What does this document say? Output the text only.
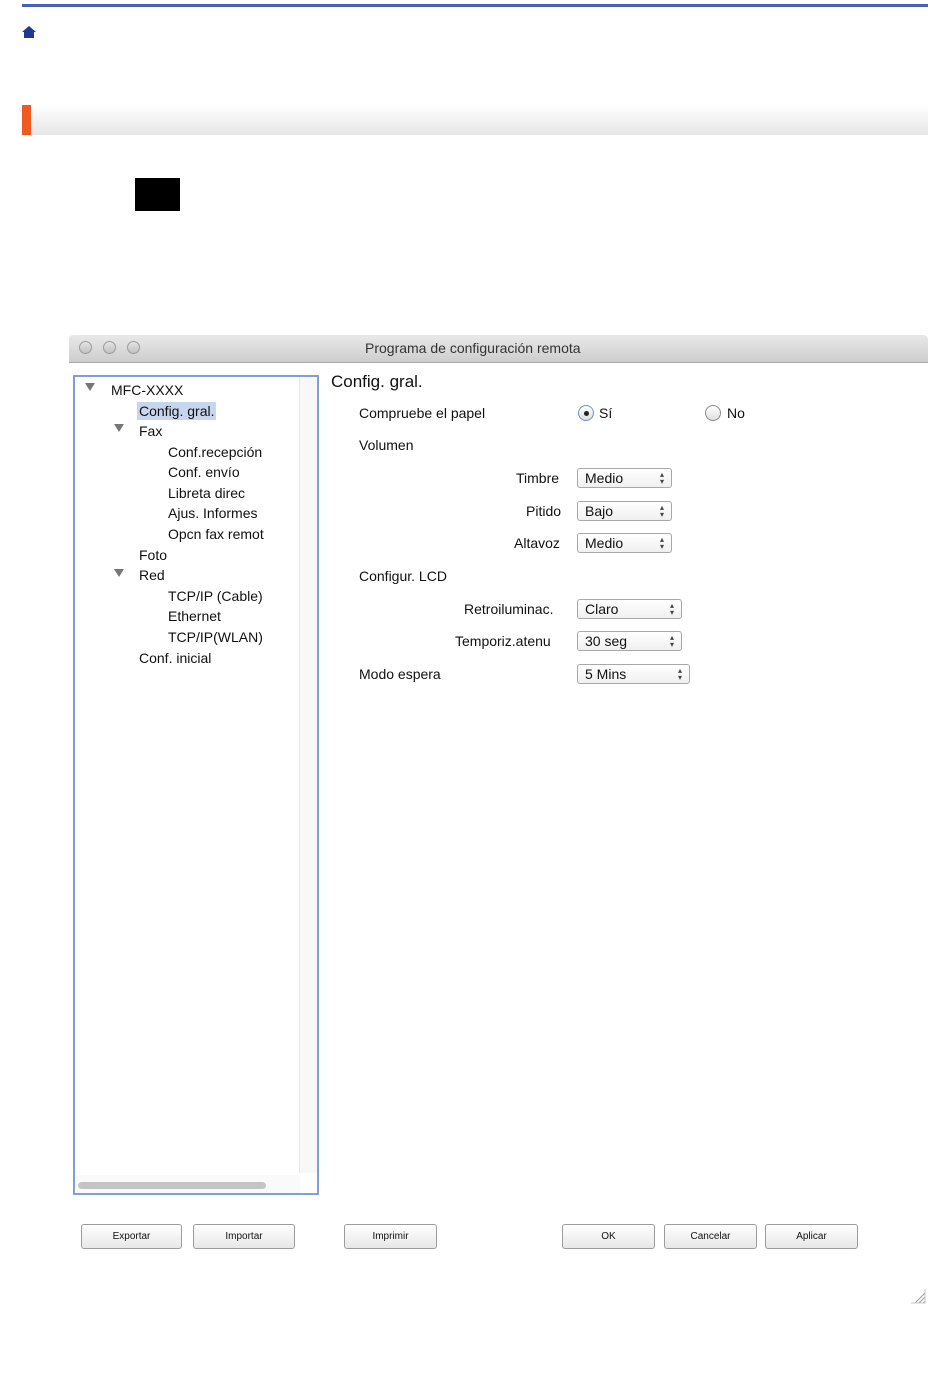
Programa de configuración remota
MFC-XXXX
Config. gral.
Fax
Conf.recepción
Conf. envío
Libreta direc
Ajus. Informes
Opcn fax remot
Foto
Red
TCP/IP (Cable)
Ethernet
TCP/IP(WLAN)
Conf. inicial
Config. gral.
Compruebe el papel	Sí	No
Volumen
Timbre	Medio	▴
▾
Pitido	Bajo	▴
▾
Altavoz	Medio	▴
▾
Configur. LCD
Retroiluminac.	Claro	▴
▾
Temporiz.atenu	30 seg	▴
▾
Modo espera	5 Mins	▴
▾
Exportar	Importar	Imprimir	OK	Cancelar	Aplicar
